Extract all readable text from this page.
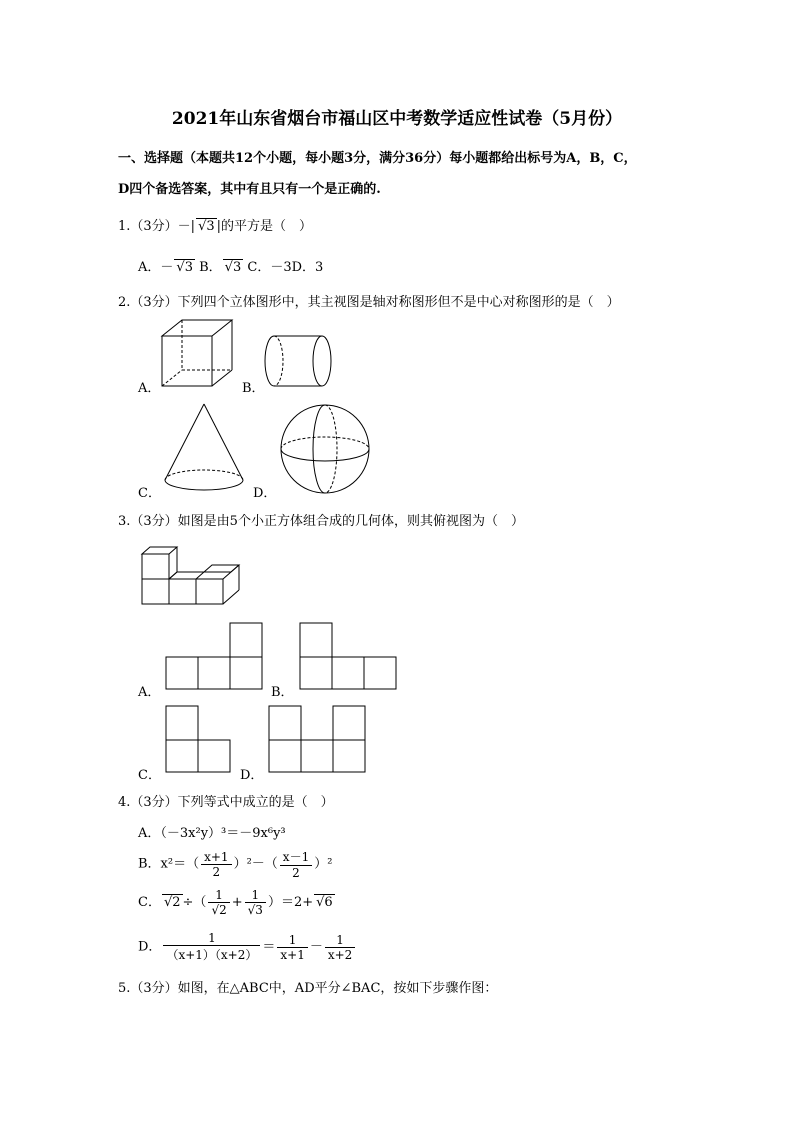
2021年山东省烟台市福山区中考数学适应性试卷（5月份）
一、选择题（本题共12个小题，每小题3分，满分36分）每小题都给出标号为A，B，C，
D四个备选答案，其中有且只有一个是正确的.
1.（3分）－| √3 |的平方是（　）
A．－ √3 B． √3 C．－3D．3
2.（3分）下列四个立体图形中，其主视图是轴对称图形但不是中心对称图形的是（　）
A．	B．
C．	D．
3.（3分）如图是由5个小正方体组合成的几何体，则其俯视图为（　）
A．	B．
C．	D．
4.（3分）下列等式中成立的是（　）
A．（－3x²y）³＝－9x⁶y³
B．$x^2=( \frac{x+1}{2} )^2-( \frac{x-1}{2} )^2$
C． √2 ÷（ $\frac{1}{√2} + \frac{1}{√3} )=2+ √6$
D． $\frac{1}{(x+1)(x+2)} = \frac{1}{x+1} - \frac{1}{x+2}$
5.（3分）如图，在△ABC中，AD平分∠BAC，按如下步骤作图：
